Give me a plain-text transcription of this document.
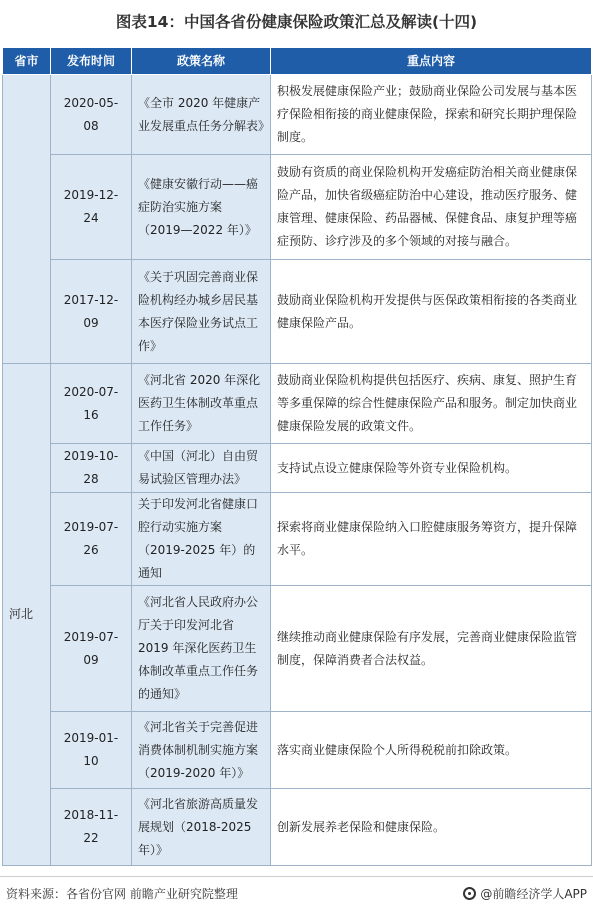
图表14：中国各省份健康保险政策汇总及解读(十四)
省市	发布时间	政策名称	重点内容
	2020-05-08	《全市 2020 年健康产业发展重点任务分解表》	积极发展健康保险产业；鼓励商业保险公司发展与基本医疗保险相衔接的商业健康保险，探索和研究长期护理保险制度。
	2019-12-24	《健康安徽行动——癌症防治实施方案（2019—2022 年）》	鼓励有资质的商业保险机构开发癌症防治相关商业健康保险产品，加快省级癌症防治中心建设，推动医疗服务、健康管理、健康保险、药品器械、保健食品、康复护理等癌症预防、诊疗涉及的多个领域的对接与融合。
	2017-12-09	《关于巩固完善商业保险机构经办城乡居民基本医疗保险业务试点工作》	鼓励商业保险机构开发提供与医保政策相衔接的各类商业健康保险产品。
河北	2020-07-16	《河北省 2020 年深化医药卫生体制改革重点工作任务》	鼓励商业保险机构提供包括医疗、疾病、康复、照护生育等多重保障的综合性健康保险产品和服务。制定加快商业健康保险发展的政策文件。
	2019-10-28	《中国（河北）自由贸易试验区管理办法》	支持试点设立健康保险等外资专业保险机构。
	2019-07-26	关于印发河北省健康口腔行动实施方案（2019-2025 年）的通知	探索将商业健康保险纳入口腔健康服务筹资方，提升保障水平。
	2019-07-09	《河北省人民政府办公厅关于印发河北省 2019 年深化医药卫生体制改革重点工作任务的通知》	继续推动商业健康保险有序发展，完善商业健康保险监管制度，保障消费者合法权益。
	2019-01-10	《河北省关于完善促进消费体制机制实施方案（2019-2020 年）》	落实商业健康保险个人所得税税前扣除政策。
	2018-11-22	《河北省旅游高质量发展规划（2018-2025 年）》	创新发展养老保险和健康保险。
资料来源：各省份官网 前瞻产业研究院整理	@前瞻经济学人APP
